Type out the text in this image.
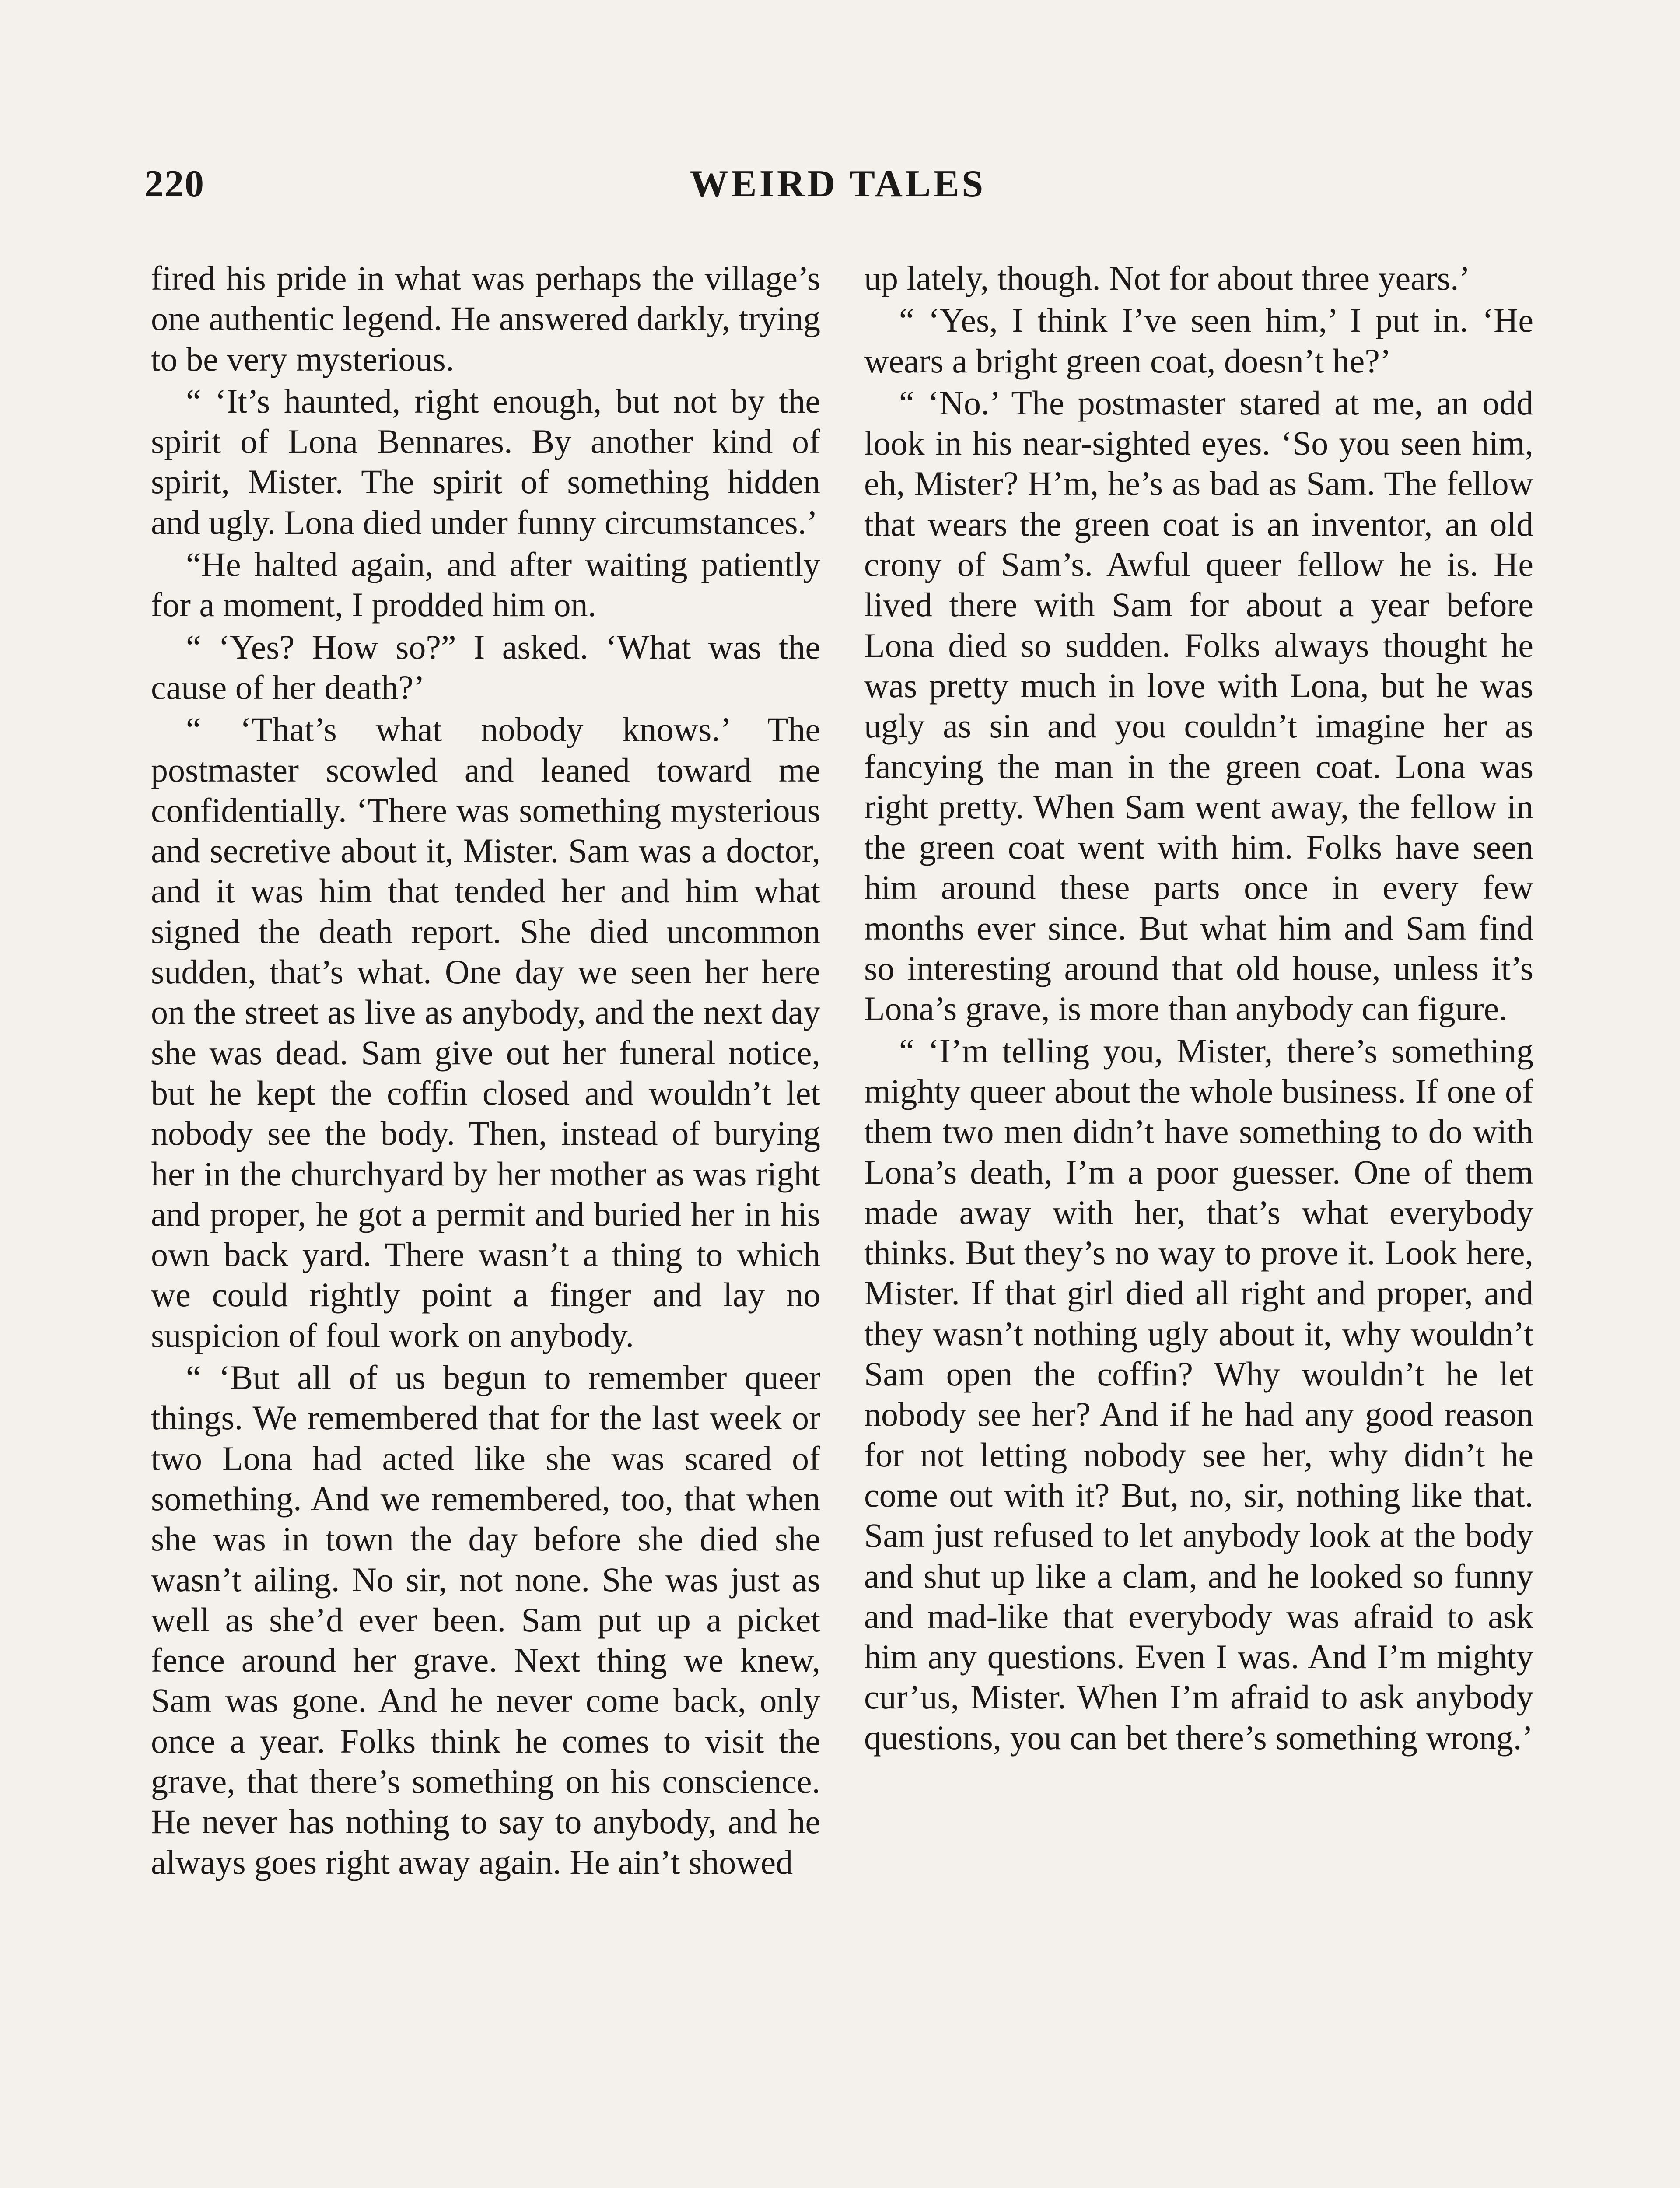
220	WEIRD TALES

fired his pride in what was perhaps the village’s one authentic legend. He answered darkly, trying to be very mysterious.

“ ‘It’s haunted, right enough, but not by the spirit of Lona Bennares. By another kind of spirit, Mister. The spirit of something hidden and ugly. Lona died under funny circumstances.’

“He halted again, and after waiting patiently for a moment, I prodded him on.

“ ‘Yes? How so?” I asked. ‘What was the cause of her death?’

“ ‘That’s what nobody knows.’ The postmaster scowled and leaned toward me confidentially. ‘There was something mysterious and secretive about it, Mister. Sam was a doctor, and it was him that tended her and him what signed the death report. She died uncommon sudden, that’s what. One day we seen her here on the street as live as anybody, and the next day she was dead. Sam give out her funeral notice, but he kept the coffin closed and wouldn’t let nobody see the body. Then, instead of burying her in the churchyard by her mother as was right and proper, he got a permit and buried her in his own back yard. There wasn’t a thing to which we could rightly point a finger and lay no suspicion of foul work on anybody.

“ ‘But all of us begun to remember queer things. We remembered that for the last week or two Lona had acted like she was scared of something. And we remembered, too, that when she was in town the day before she died she wasn’t ailing. No sir, not none. She was just as well as she’d ever been. Sam put up a picket fence around her grave. Next thing we knew, Sam was gone. And he never come back, only once a year. Folks think he comes to visit the grave, that there’s something on his conscience. He never has nothing to say to anybody, and he always goes right away again. He ain’t showed

up lately, though. Not for about three years.’

“ ‘Yes, I think I’ve seen him,’ I put in. ‘He wears a bright green coat, doesn’t he?’

“ ‘No.’ The postmaster stared at me, an odd look in his near-sighted eyes. ‘So you seen him, eh, Mister? H’m, he’s as bad as Sam. The fellow that wears the green coat is an inventor, an old crony of Sam’s. Awful queer fellow he is. He lived there with Sam for about a year before Lona died so sudden. Folks always thought he was pretty much in love with Lona, but he was ugly as sin and you couldn’t imagine her as fancying the man in the green coat. Lona was right pretty. When Sam went away, the fellow in the green coat went with him. Folks have seen him around these parts once in every few months ever since. But what him and Sam find so interesting around that old house, unless it’s Lona’s grave, is more than anybody can figure.

“ ‘I’m telling you, Mister, there’s something mighty queer about the whole business. If one of them two men didn’t have something to do with Lona’s death, I’m a poor guesser. One of them made away with her, that’s what everybody thinks. But they’s no way to prove it. Look here, Mister. If that girl died all right and proper, and they wasn’t nothing ugly about it, why wouldn’t Sam open the coffin? Why wouldn’t he let nobody see her? And if he had any good reason for not letting nobody see her, why didn’t he come out with it? But, no, sir, nothing like that. Sam just refused to let anybody look at the body and shut up like a clam, and he looked so funny and mad-like that everybody was afraid to ask him any questions. Even I was. And I’m mighty cur’us, Mister. When I’m afraid to ask anybody questions, you can bet there’s something wrong.’
